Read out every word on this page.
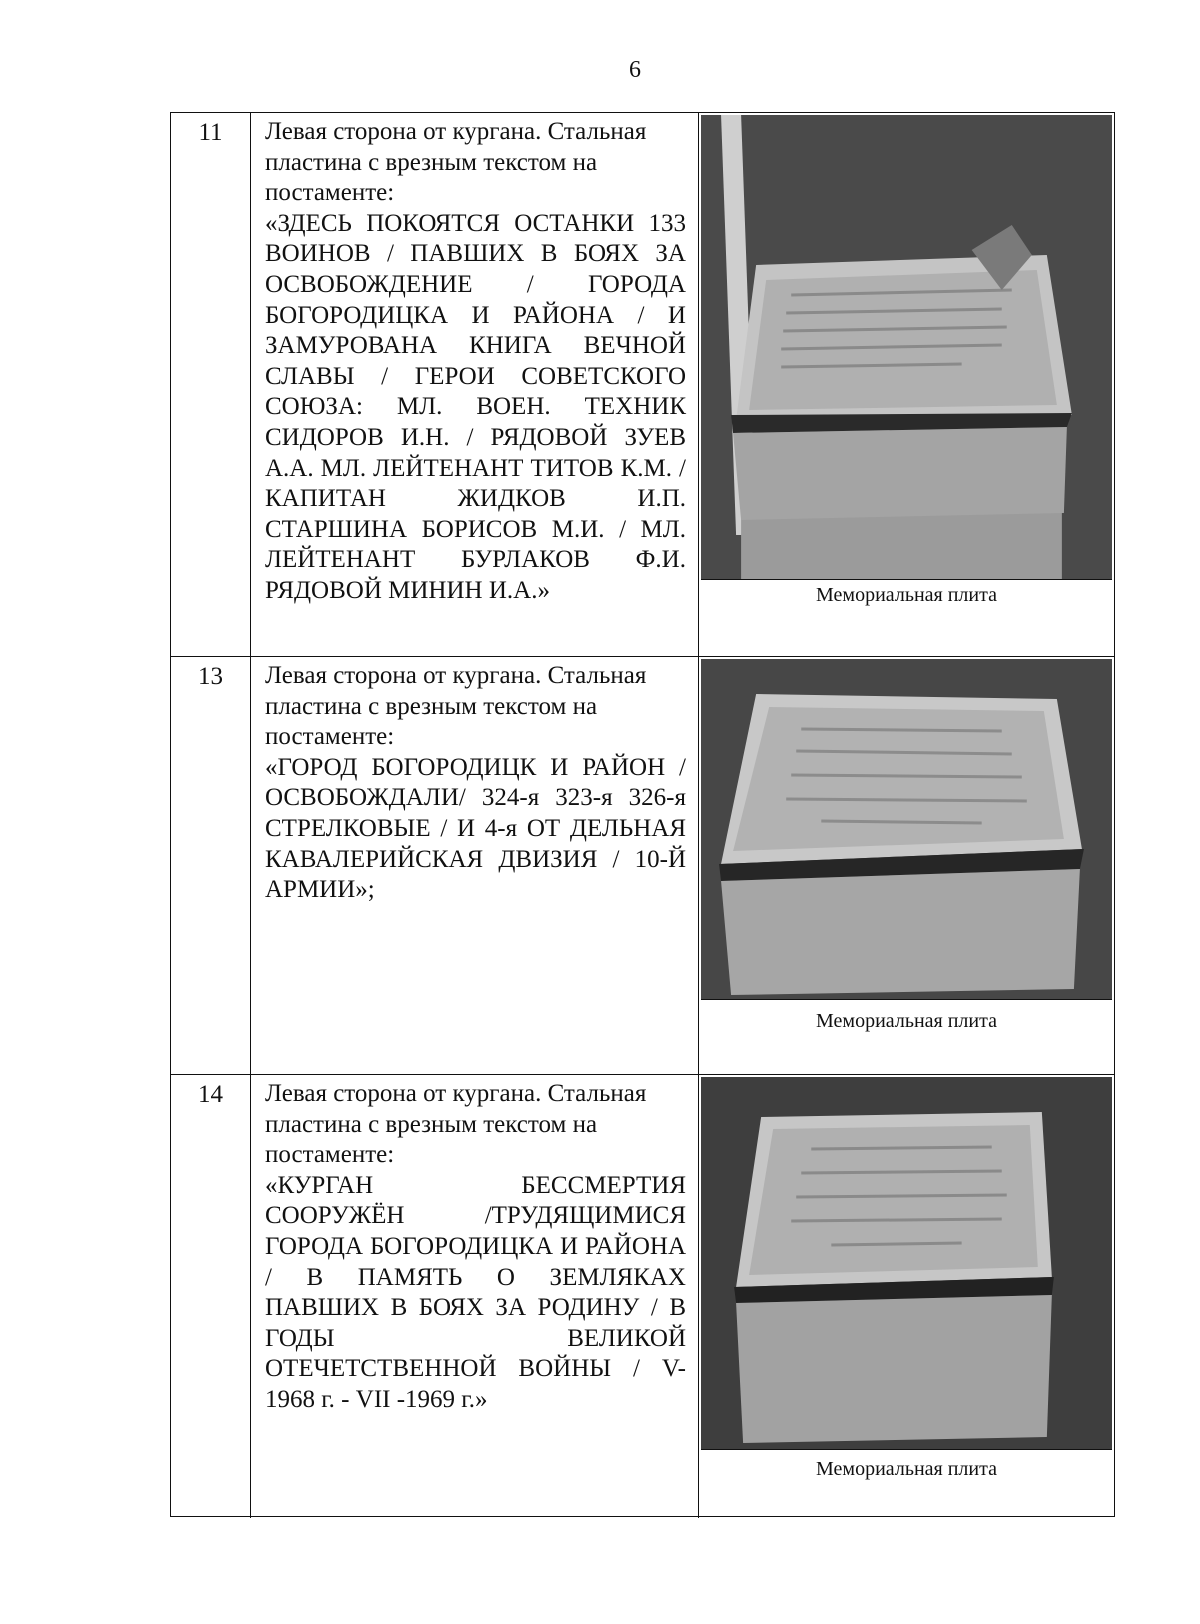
6
11	Левая сторона от кургана. Стальная пластина с врезным текстом на постаменте:
«ЗДЕСЬ ПОКОЯТСЯ ОСТАНКИ 133 ВОИНОВ / ПАВШИХ В БОЯХ ЗА ОСВОБОЖДЕНИЕ / ГОРОДА БОГОРОДИЦКА И РАЙОНА / И ЗАМУРОВАНА КНИГА ВЕЧНОЙ СЛАВЫ / ГЕРОИ СОВЕТСКОГО СОЮЗА: МЛ. ВОЕН. ТЕХНИК СИДОРОВ И.Н. / РЯДОВОЙ ЗУЕВ А.А. МЛ. ЛЕЙТЕНАНТ ТИТОВ К.М. / КАПИТАН ЖИДКОВ И.П. СТАРШИНА БОРИСОВ М.И. / МЛ. ЛЕЙТЕНАНТ БУРЛАКОВ Ф.И. РЯДОВОЙ МИНИН И.А.»	Мемориальная плита
13	Левая сторона от кургана. Стальная пластина с врезным текстом на постаменте:
«ГОРОД БОГОРОДИЦК И РАЙОН / ОСВОБОЖДАЛИ/ 324-я 323-я 326-я СТРЕЛКОВЫЕ / И 4-я ОТ ДЕЛЬНАЯ КАВАЛЕРИЙСКАЯ ДВИЗИЯ / 10-Й АРМИИ»;
Мемориальная плита
14	Левая сторона от кургана. Стальная пластина с врезным текстом на постаменте:
«КУРГАН БЕССМЕРТИЯ СООРУЖЁН /ТРУДЯЩИМИСЯ ГОРОДА БОГОРОДИЦКА И РАЙОНА / В ПАМЯТЬ О ЗЕМЛЯКАХ ПАВШИХ В БОЯХ ЗА РОДИНУ / В ГОДЫ ВЕЛИКОЙ ОТЕЧЕТСТВЕННОЙ ВОЙНЫ / V-1968 г. - VII -1969 г.»
Мемориальная плита
